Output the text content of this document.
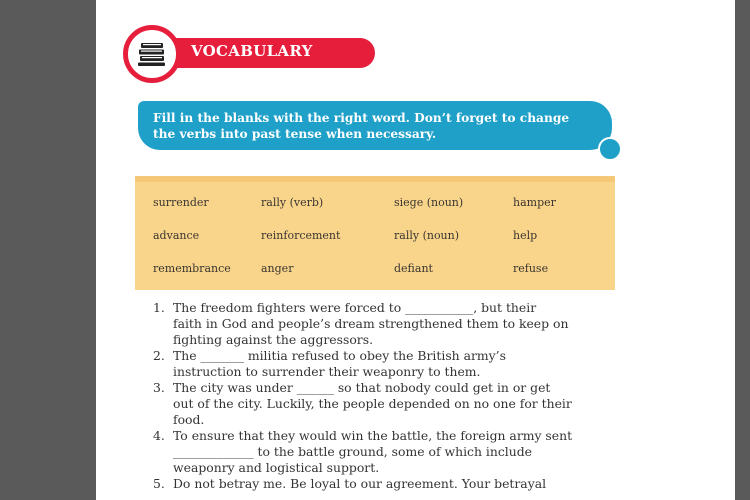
VOCABULARY
Fill in the blanks with the right word. Don’t forget to change
the verbs into past tense when necessary.
surrender	rally (verb)	siege (noun)	hamper
advance	reinforcement	rally (noun)	help
remembrance	anger	defiant	refuse
1. The freedom fighters were forced to ___________, but their
faith in God and people’s dream strengthened them to keep on
fighting against the aggressors.
2. The _______ militia refused to obey the British army’s
instruction to surrender their weaponry to them.
3. The city was under ______ so that nobody could get in or get
out of the city. Luckily, the people depended on no one for their
food.
4. To ensure that they would win the battle, the foreign army sent
_____________ to the battle ground, some of which include
weaponry and logistical support.
5. Do not betray me. Be loyal to our agreement. Your betrayal
